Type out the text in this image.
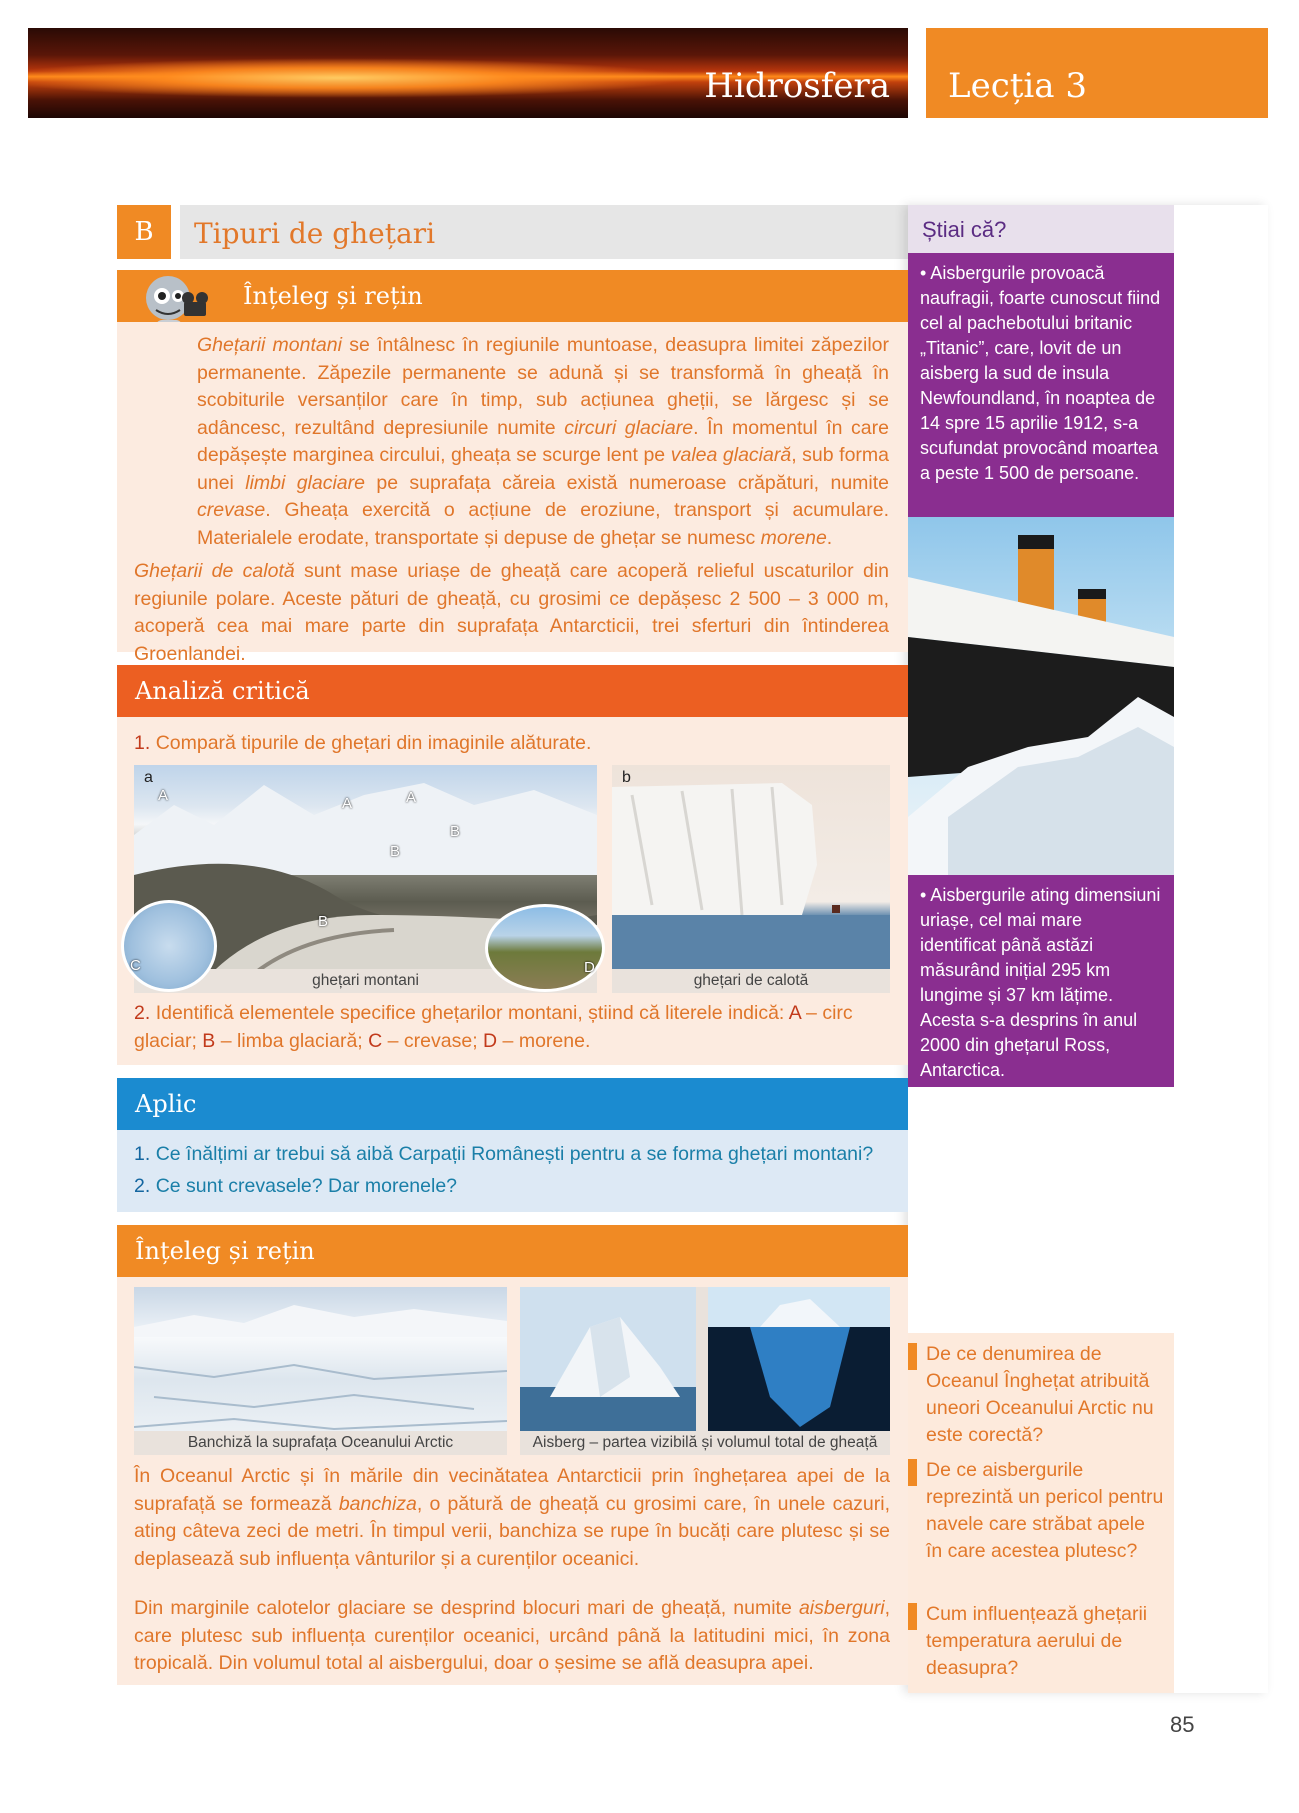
Hidrosfera Lecția 3
B	Tipuri de ghețari
Înțeleg și rețin

Ghețarii montani se întâlnesc în regiunile muntoase, deasupra limitei zăpezilor permanente. Zăpezile permanente se adună și se transformă în gheață în scobiturile versanților care în timp, sub acțiunea gheții, se lărgesc și se adâncesc, rezultând depresiunile numite circuri glaciare. În momentul în care depășește marginea circului, gheața se scurge lent pe valea glaciară, sub forma unei limbi glaciare pe suprafața căreia există numeroase crăpături, numite crevase. Gheața exercită o acțiune de eroziune, transport și acumulare. Materialele erodate, transportate și depuse de ghețar se numesc morene.

Ghețarii de calotă sunt mase uriașe de gheață care acoperă relieful uscaturilor din regiunile polare. Aceste pături de gheață, cu grosimi ce depășesc 2 500 – 3 000 m, acoperă cea mai mare parte din suprafața Antarcticii, trei sferturi din întinderea Groenlandei.

Analiză critică
1. Compară tipurile de ghețari din imaginile alăturate.
a
A	A	A
B
B
B
ghețari montani
C	D
b
ghețari de calotă
2. Identifică elementele specifice ghețarilor montani, știind că literele indică: A – circ glaciar; B – limba glaciară; C – crevase; D – morene.
Aplic
1. Ce înălțimi ar trebui să aibă Carpații Românești pentru a se forma ghețari montani?
2. Ce sunt crevasele? Dar morenele?
Înțeleg și rețin
Banchiză la suprafața Oceanului Arctic	Aisberg – partea vizibilă și volumul total de gheață

În Oceanul Arctic și în mările din vecinătatea Antarcticii prin înghețarea apei de la suprafață se formează banchiza, o pătură de gheață cu grosimi care, în unele cazuri, ating câteva zeci de metri. În timpul verii, banchiza se rupe în bucăți care plutesc și se deplasează sub influența vânturilor și a curenților oceanici.

Din marginile calotelor glaciare se desprind blocuri mari de gheață, numite aisberguri, care plutesc sub influența curenților oceanici, urcând până la latitudini mici, în zona tropicală. Din volumul total al aisbergului, doar o șesime se află deasupra apei.

Știai că?
• Aisbergurile provoacă naufragii, foarte cunoscut fiind cel al pachebotului britanic „Titanic”, care, lovit de un aisberg la sud de insula Newfoundland, în noaptea de 14 spre 15 aprilie 1912, s-a scufundat provocând moartea a peste 1 500 de persoane.
• Aisbergurile ating dimensiuni uriașe, cel mai mare identificat până astăzi măsurând inițial 295 km lungime și 37 km lățime. Acesta s-a desprins în anul 2000 din ghețarul Ross, Antarctica.
De ce denumirea de Oceanul Înghețat atribuită uneori Oceanului Arctic nu este corectă?
De ce aisbergurile reprezintă un pericol pentru navele care străbat apele în care acestea plutesc?
Cum influențează ghețarii temperatura aerului de deasupra?
85
